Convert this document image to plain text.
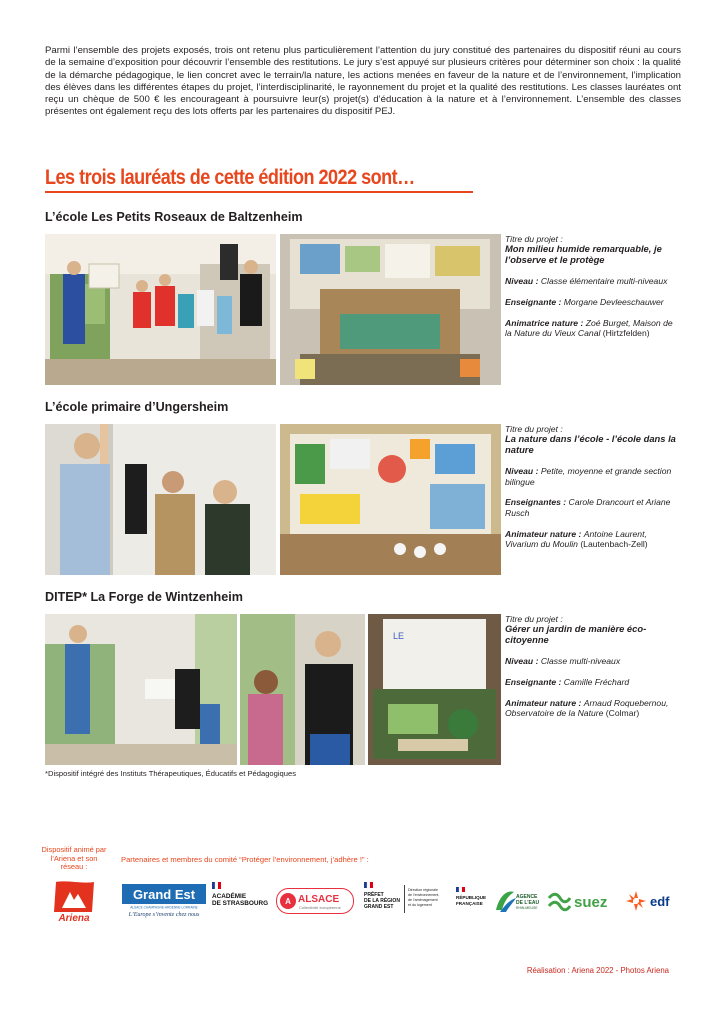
Parmi l’ensemble des projets exposés, trois ont retenu plus particulièrement l’attention du jury constitué des partenaires du dispositif réuni au cours de la semaine d’exposition pour découvrir l’ensemble des restitutions. Le jury s’est appuyé sur plusieurs critères pour déterminer son choix : la qualité de la démarche pédagogique, le lien concret avec le terrain/la nature, les actions menées en faveur de la nature et de l’environnement, l’implication des élèves dans les différentes étapes du projet, l’interdisciplinarité, le rayonnement du projet et la qualité des restitutions. Les classes lauréates ont reçu un chèque de 500 € les encourageant à poursuivre leur(s) projet(s) d’éducation à la nature et à l’environnement. L’ensemble des classes présentes ont également reçu des lots offerts par les partenaires du dispositif PEJ.

Les trois lauréats de cette édition 2022 sont…
L’école Les Petits Roseaux de Baltzenheim

Titre du projet :
Mon milieu humide remarquable, je l’observe et le protège

Niveau : Classe élémentaire multi-niveaux

Enseignante : Morgane Devleeschauwer

Animatrice nature : Zoé Burget, Maison de la Nature du Vieux Canal (Hirtzfelden)

L’école primaire d’Ungersheim

Titre du projet :
La nature dans l’école - l’école dans la nature

Niveau : Petite, moyenne et grande section bilingue

Enseignantes : Carole Drancourt et Ariane Rusch

Animateur nature : Antoine Laurent, Vivarium du Moulin (Lautenbach-Zell)

DITEP* La Forge de Wintzenheim
LE

Titre du projet :
Gérer un jardin de manière éco-citoyenne

Niveau : Classe multi-niveaux

Enseignante : Camille Fréchard

Animateur nature : Arnaud Roquebernou, Observatoire de la Nature (Colmar)

*Dispositif intégré des Instituts Thérapeutiques, Éducatifs et Pédagogiques

Dispositif animé par l’Ariena et son réseau :

Partenaires et membres du comité “Protéger l’environnement, j’adhère !” :

Ariena
Grand Est
ALSACE CHAMPAGNE-ARDENNE LORRAINE
L’Europe s’invente chez nous
ACADÉMIE
DE STRASBOURG A ALSACE
Collectivité européenne
PRÉFET
DE LA RÉGION
GRAND EST
Direction régionale
de l’environnement,
de l’aménagement
et du logement
RÉPUBLIQUE
FRANÇAISE
AGENCE
DE L’EAU
RHIN-MEUSE suez	edf

Réalisation : Ariena 2022 - Photos Ariena
